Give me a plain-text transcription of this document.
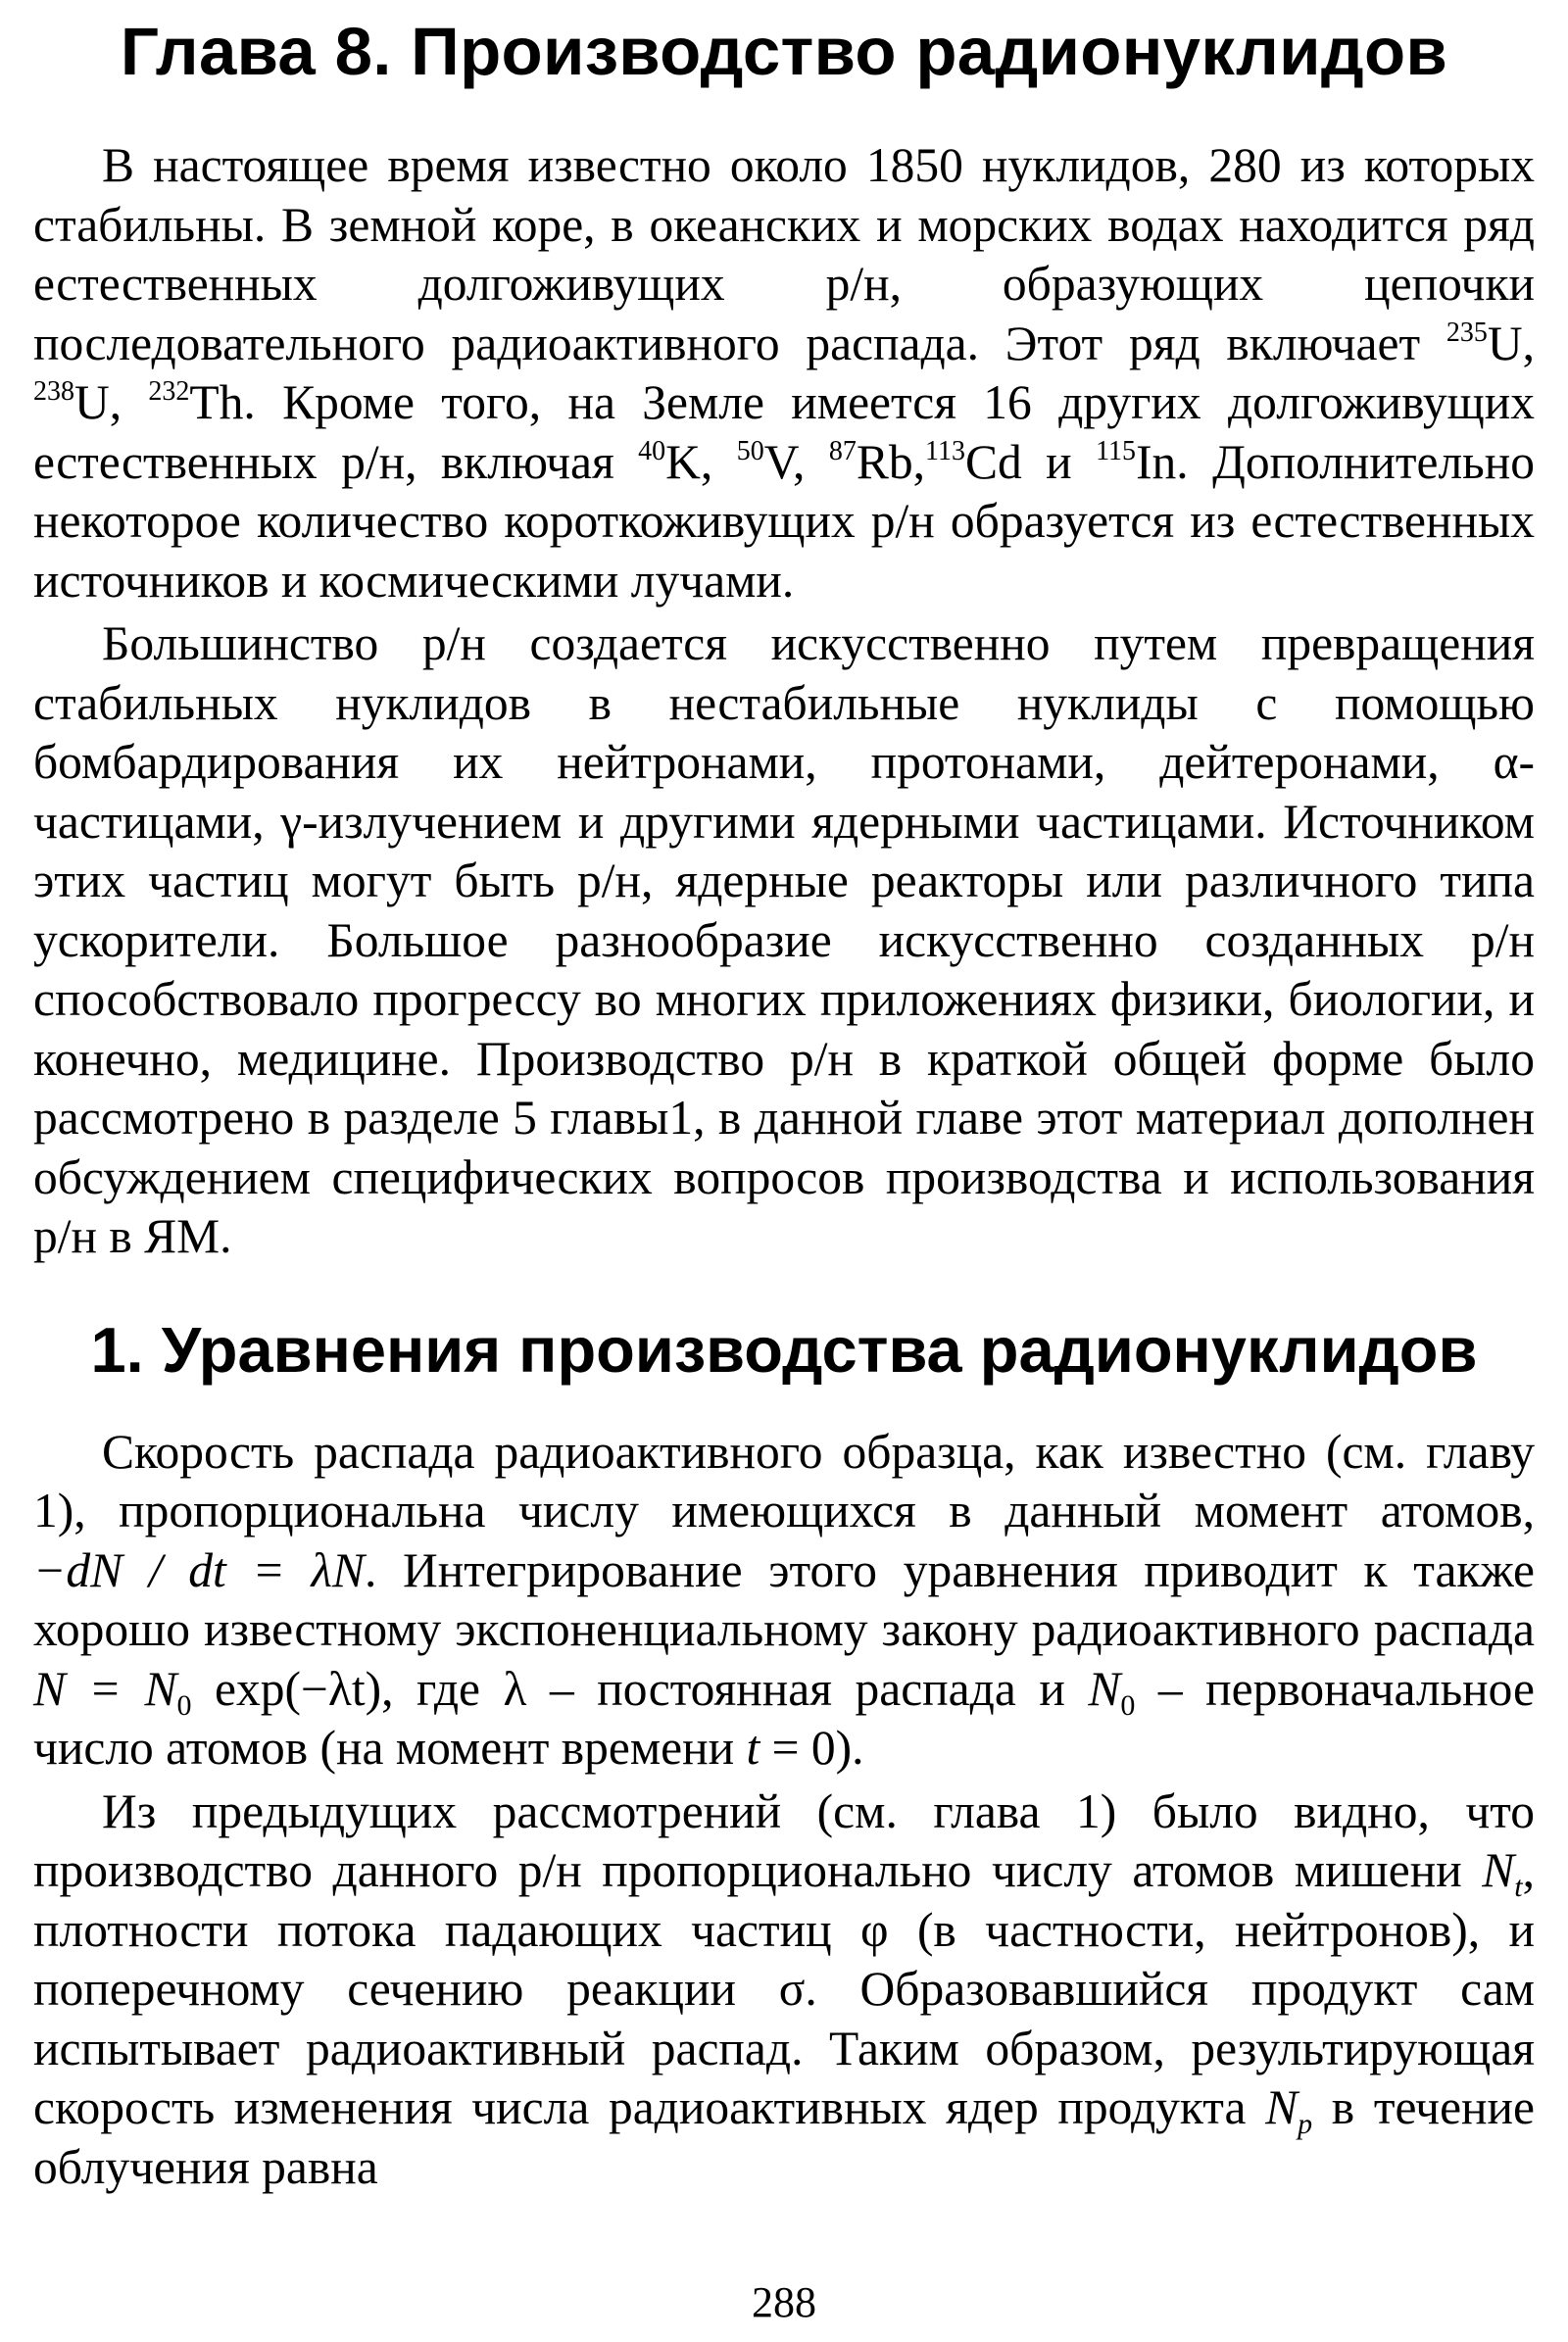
Глава 8. Производство радионуклидов

В настоящее время известно около 1850 нуклидов, 280 из которых стабильны. В земной коре, в океанских и морских водах находится ряд естественных долгоживущих р/н, образующих цепочки последовательного радиоактивного распада. Этот ряд включает $^{235}$U, $^{238}$U, $^{232}$Th. Кроме того, на Земле имеется 16 других долгоживущих естественных р/н, включая $^{40}$K, $^{50}$V, $^{87}$Rb,$^{113}$Cd и $^{115}$In. Дополнительно некоторое количество короткоживущих р/н образуется из естественных источников и космическими лучами.

Большинство р/н создается искусственно путем превращения стабильных нуклидов в нестабильные нуклиды с помощью бомбардирования их нейтронами, протонами, дейтеронами, α-частицами, γ-излучением и другими ядерными частицами. Источником этих частиц могут быть р/н, ядерные реакторы или различного типа ускорители. Большое разнообразие искусственно созданных р/н способствовало прогрессу во многих приложениях физики, биологии, и конечно, медицине. Производство р/н в краткой общей форме было рассмотрено в разделе 5 главы1, в данной главе этот материал дополнен обсуждением специфических вопросов производства и использования р/н в ЯМ.

1. Уравнения производства радионуклидов

Скорость распада радиоактивного образца, как известно (см. главу 1), пропорциональна числу имеющихся в данный момент атомов, −dN / dt = λN. Интегрирование этого уравнения приводит к также хорошо известному экспоненциальному закону радиоактивного распада $N = N_0$ exp(−λt), где λ – постоянная распада и $N_0$ – первоначальное число атомов (на момент времени t = 0).

Из предыдущих рассмотрений (см. глава 1) было видно, что производство данного р/н пропорционально числу атомов мишени $N_t$, плотности потока падающих частиц φ (в частности, нейтронов), и поперечному сечению реакции σ. Образовавшийся продукт сам испытывает радиоактивный распад. Таким образом, результирующая скорость изменения числа радиоактивных ядер продукта $N_p$ в течение облучения равна

288
